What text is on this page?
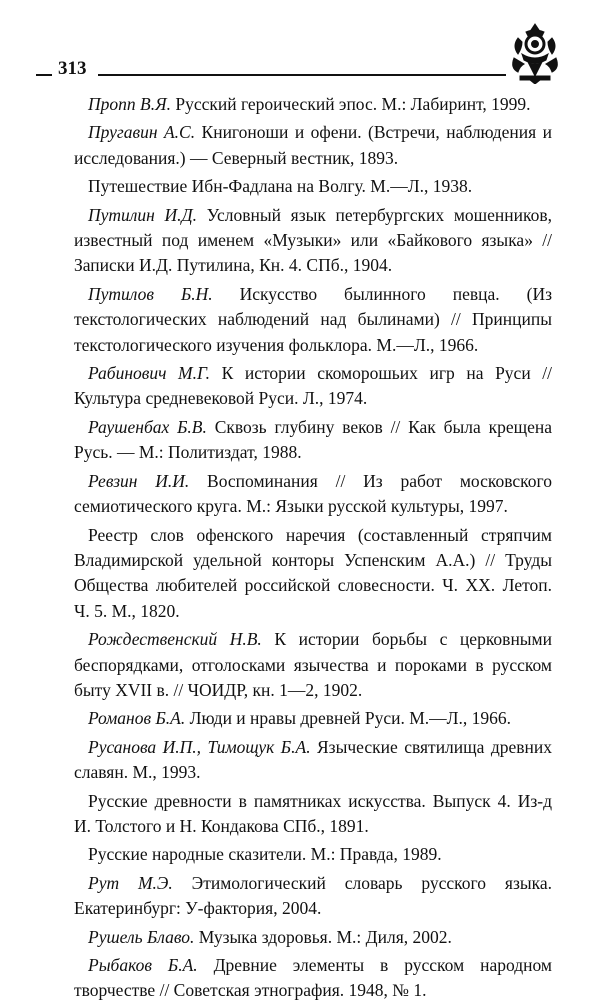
313

Пропп В.Я. Русский героический эпос. М.: Лабиринт, 1999.

Пругавин А.С. Книгоноши и офени. (Встречи, наблюдения и исследования.) — Северный вестник, 1893.

Путешествие Ибн-Фадлана на Волгу. М.—Л., 1938.

Путилин И.Д. Условный язык петербургских мошенников, известный под именем «Музыки» или «Байкового языка» // Записки И.Д. Путилина, Кн. 4. СПб., 1904.

Путилов Б.Н. Искусство былинного певца. (Из текстологических наблюдений над былинами) // Принципы текстологического изучения фольклора. М.—Л., 1966.

Рабинович М.Г. К истории скоморошьих игр на Руси // Культура средневековой Руси. Л., 1974.

Раушенбах Б.В. Сквозь глубину веков // Как была крещена Русь. — М.: Политиздат, 1988.

Ревзин И.И. Воспоминания // Из работ московского семиотического круга. М.: Языки русской культуры, 1997.

Реестр слов офенского наречия (составленный стряпчим Владимирской удельной конторы Успенским А.А.) // Труды Общества любителей российской словесности. Ч. XX. Летоп. Ч. 5. М., 1820.

Рождественский Н.В. К истории борьбы с церковными беспорядками, отголосками язычества и пороками в русском быту XVII в. // ЧОИДР, кн. 1—2, 1902.

Романов Б.А. Люди и нравы древней Руси. М.—Л., 1966.

Русанова И.П., Тимощук Б.А. Языческие святилища древних славян. М., 1993.

Русские древности в памятниках искусства. Выпуск 4. Из-д И. Толстого и Н. Кондакова СПб., 1891.

Русские народные сказители. М.: Правда, 1989.

Рут М.Э. Этимологический словарь русского языка. Екатеринбург: У-фактория, 2004.

Рушель Блаво. Музыка здоровья. М.: Диля, 2002.

Рыбаков Б.А. Древние элементы в русском народном творчестве // Советская этнография. 1948, № 1.
